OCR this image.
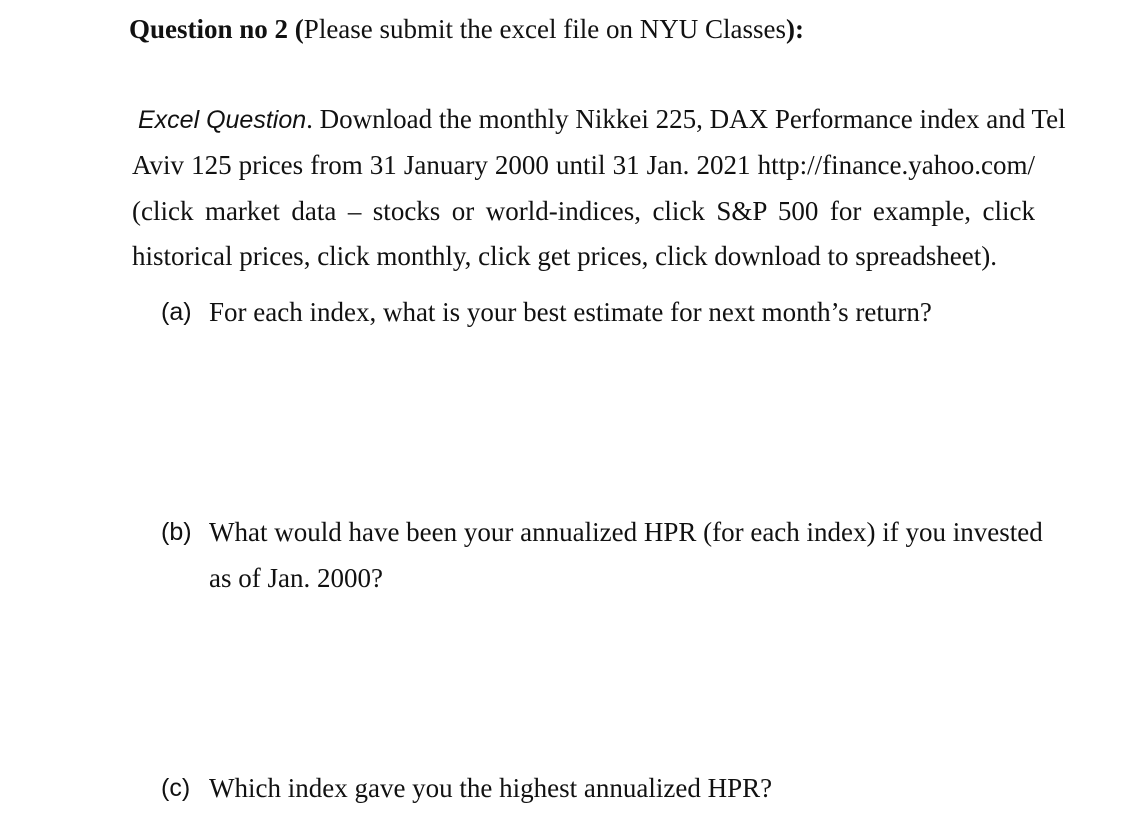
Question no 2 (Please submit the excel file on NYU Classes):
Excel Question. Download the monthly Nikkei 225, DAX Performance index and Tel
Aviv 125 prices from 31 January 2000 until 31 Jan. 2021 http://finance.yahoo.com/
(click market data – stocks or world-indices, click S&P 500 for example, click
historical prices, click monthly, click get prices, click download to spreadsheet).
(a) For each index, what is your best estimate for next month’s return?
(b) What would have been your annualized HPR (for each index) if you invested
as of Jan. 2000?
(c) Which index gave you the highest annualized HPR?
